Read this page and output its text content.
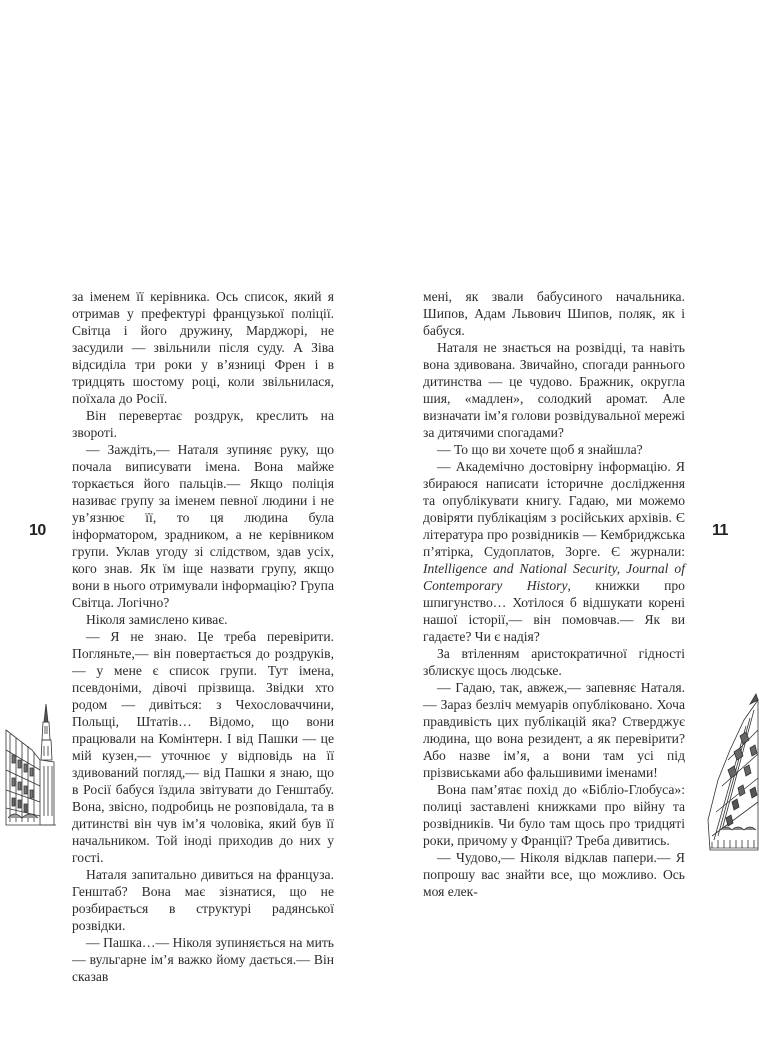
за іменем її керівника. Ось список, який я отримав у префектурі французької поліції. Світца і його дружину, Марджорі, не засудили — звільнили після суду. А Зіва відсиділа три роки у в’язниці Френ і в тридцять шостому році, коли звільнилася, поїхала до Росії.

Він перевертає роздрук, креслить на звороті.

— Заждіть,— Наталя зупиняє руку, що почала виписувати імена. Вона майже торкається його пальців.— Якщо поліція називає групу за іменем певної людини і не ув’язнює її, то ця людина була інформатором, зрадником, а не керівником групи. Уклав угоду зі слідством, здав усіх, кого знав. Як їм іще назвати групу, якщо вони в нього отримували інформацію? Група Світца. Логічно?

Ніколя замислено киває.

— Я не знаю. Це треба перевірити. Погляньте,— він повертається до роздруків,— у мене є список групи. Тут імена, псевдоніми, дівочі прізвища. Звідки хто родом — дивіться: з Чехословаччини, Польщі, Штатів… Відомо, що вони працювали на Комінтерн. І від Пашки — це мій кузен,— уточнює у відповідь на її здивований погляд,— від Пашки я знаю, що в Росії бабуся їздила звітувати до Генштабу. Вона, звісно, подробиць не розповідала, та в дитинстві він чув ім’я чоловіка, який був її начальником. Той іноді приходив до них у гості.

Наталя запитально дивиться на француза. Генштаб? Вона має зізнатися, що не розбирається в структурі радянської розвідки.

— Пашка…— Ніколя зупиняється на мить — вульгарне ім’я важко йому дається.— Він сказав

10

мені, як звали бабусиного начальника. Шипов, Адам Львович Шипов, поляк, як і бабуся.

Наталя не знається на розвідці, та навіть вона здивована. Звичайно, спогади раннього дитинства — це чудово. Бражник, округла шия, «мадлен», солодкий аромат. Але визначати ім’я голови розвідувальної мережі за дитячими спогадами?

— То що ви хочете щоб я знайшла?

— Академічно достовірну інформацію. Я збираюся написати історичне дослідження та опублікувати книгу. Гадаю, ми можемо довіряти публікаціям з російських архівів. Є література про розвідників — Кембриджська п’ятірка, Судоплатов, Зорге. Є журнали: Intelligence and National Security, Journal of Contemporary History, книжки про шпигунство… Хотілося б відшукати корені нашої історії,— він помовчав.— Як ви гадаєте? Чи є надія?

За втіленням аристократичної гідності зблискує щось людське.

— Гадаю, так, авжеж,— запевняє Наталя.— Зараз безліч мемуарів опубліковано. Хоча правдивість цих публікацій яка? Стверджує людина, що вона резидент, а як перевірити? Або назве ім’я, а вони там усі під прізвиськами або фальшивими іменами!

Вона пам’ятає похід до «Бібліо-Глобуса»: полиці заставлені книжками про війну та розвідників. Чи було там щось про тридцяті роки, причому у Франції? Треба дивитись.

— Чудово,— Ніколя відклав папери.— Я попрошу вас знайти все, що можливо. Ось моя елек-

11
